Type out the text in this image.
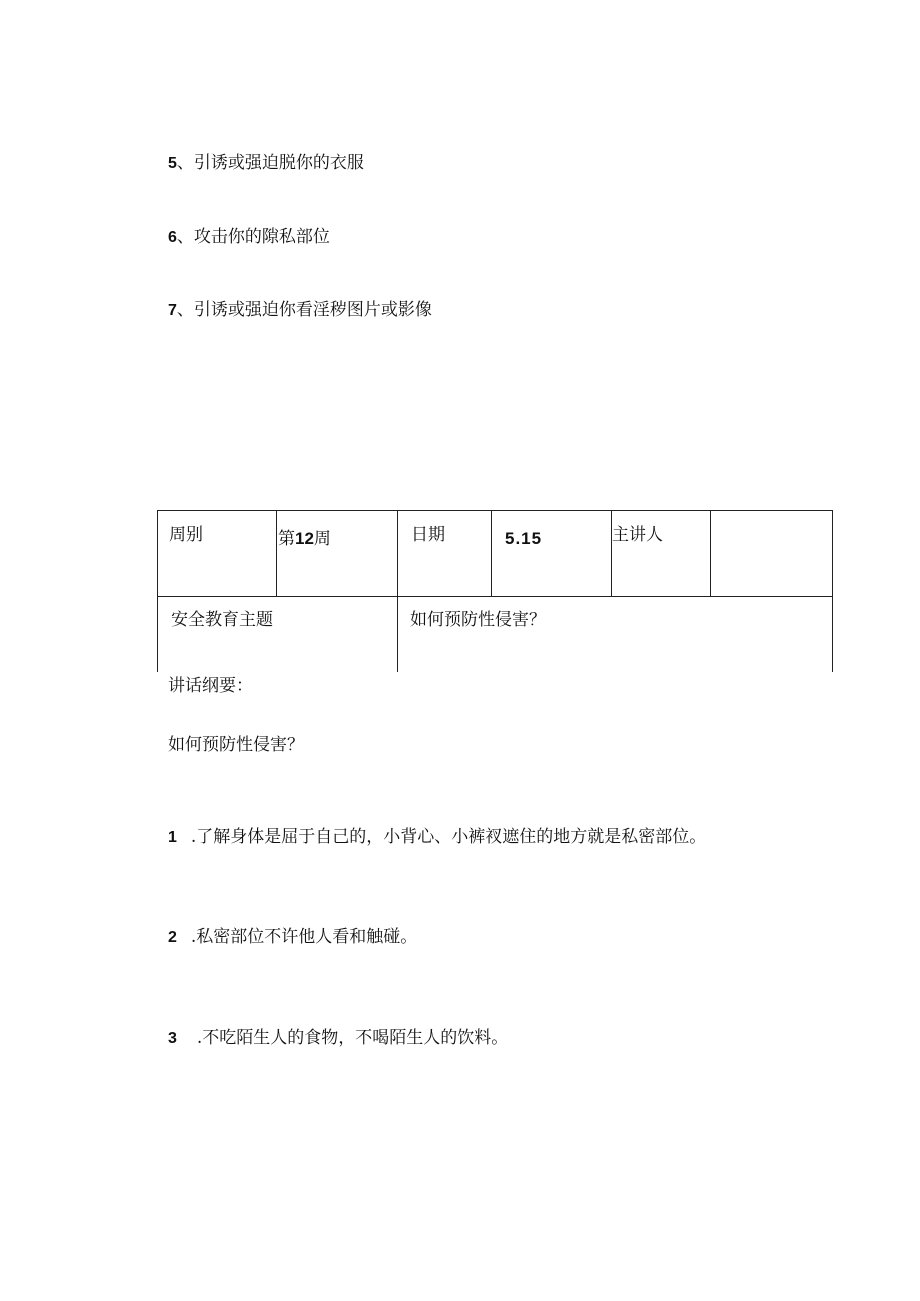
5、引诱或强迫脱你的衣服
6、攻击你的隙私部位
7、引诱或强迫你看淫秽图片或影像
周别	第12周	日期	5.15	主讲人
安全教育主题	如何预防性侵害？
讲话纲要：
如何预防性侵害？
1 .了解身体是屈于自己的，小背心、小裤衩遮住的地方就是私密部位。
2 .私密部位不许他人看和触碰。
3 .不吃陌生人的食物，不喝陌生人的饮料。
